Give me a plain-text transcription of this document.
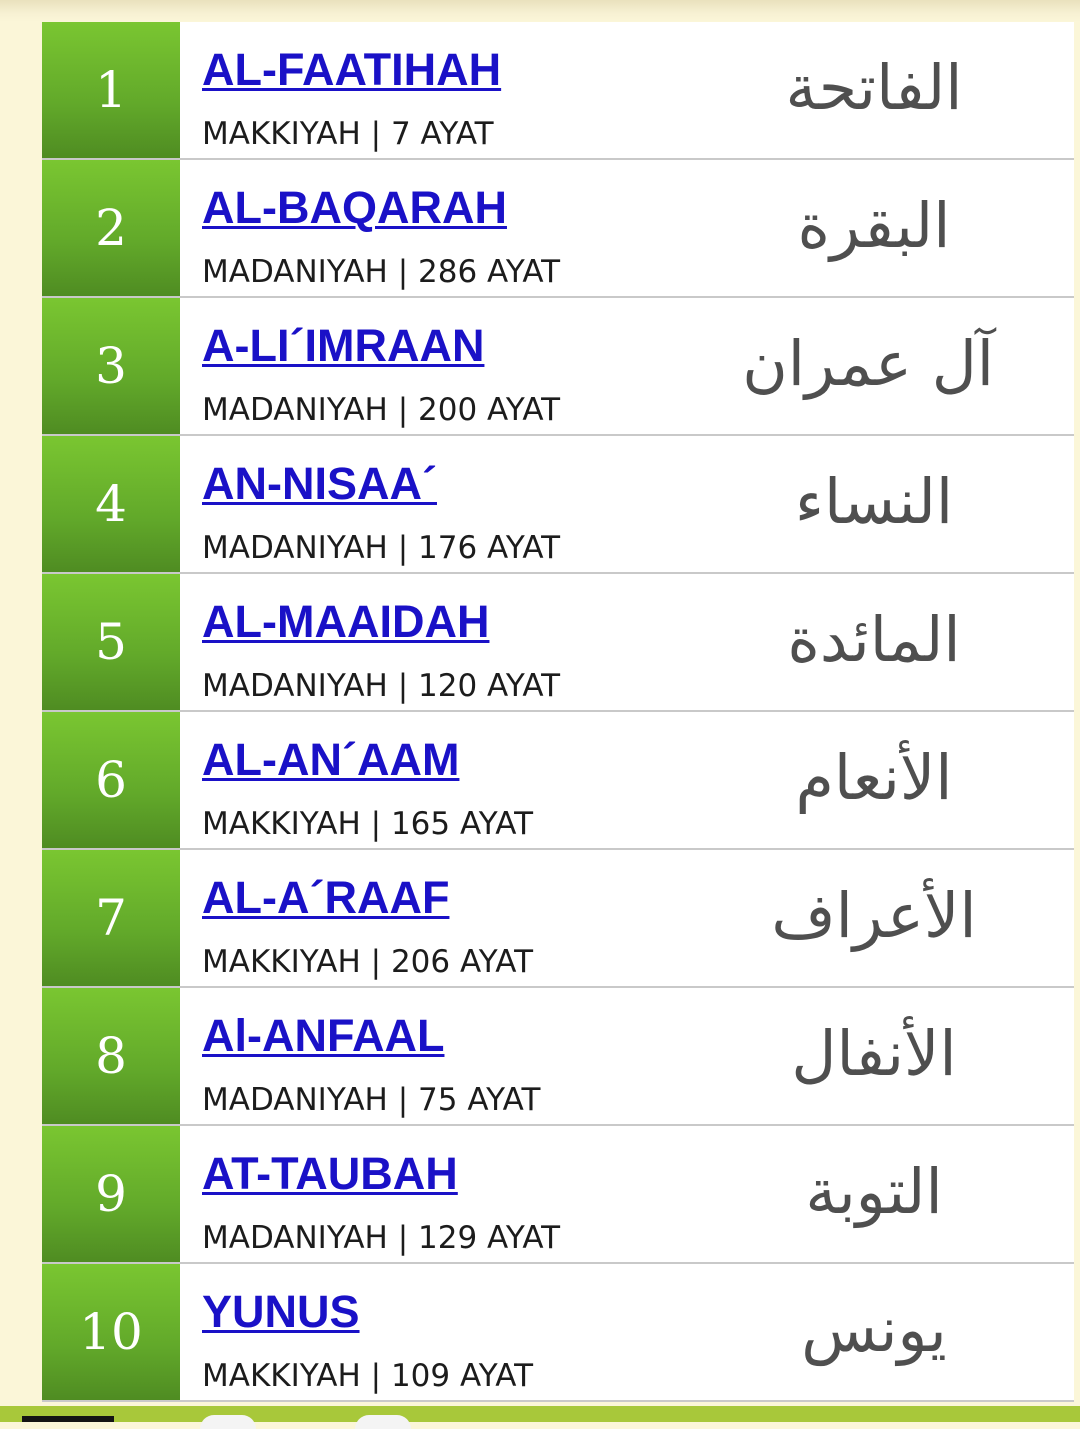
1	AL-FAATIHAH
MAKKIYAH | 7 AYAT
الفاتحة
2	AL-BAQARAH
MADANIYAH | 286 AYAT
البقرة
3	A-LI´IMRAAN
MADANIYAH | 200 AYAT
آل عمران
4	AN-NISAA´
MADANIYAH | 176 AYAT
النساء
5	AL-MAAIDAH
MADANIYAH | 120 AYAT
المائدة
6	AL-AN´AAM
MAKKIYAH | 165 AYAT
الأنعام
7	AL-A´RAAF
MAKKIYAH | 206 AYAT
الأعراف
8	Al-ANFAAL
MADANIYAH | 75 AYAT
الأنفال
9	AT-TAUBAH
MADANIYAH | 129 AYAT
التوبة
10	YUNUS
MAKKIYAH | 109 AYAT
يونس
